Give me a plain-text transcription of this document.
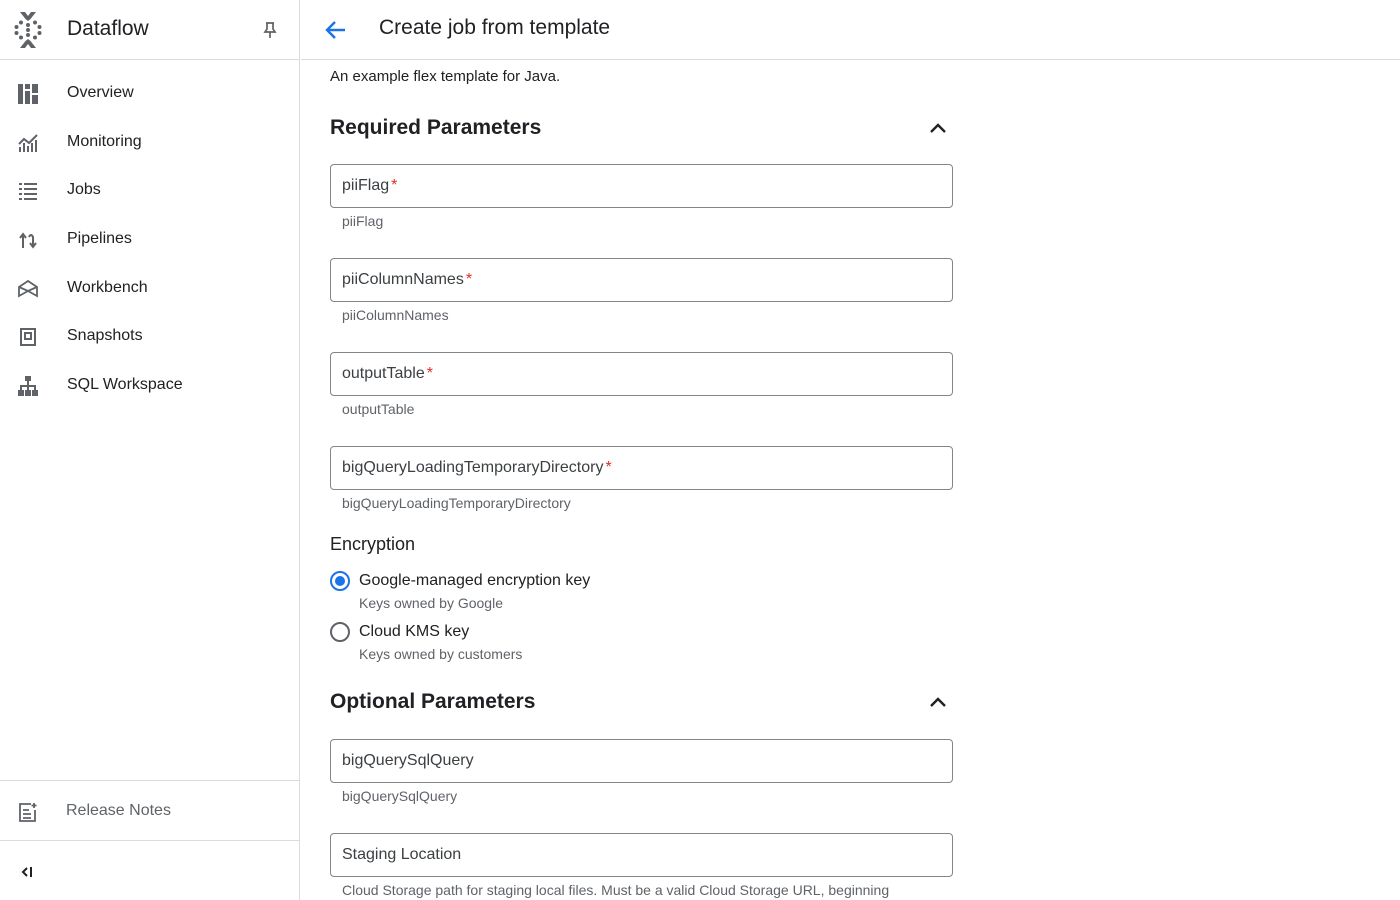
Dataflow
Overview
Monitoring
Jobs
Pipelines
Workbench
Snapshots
SQL Workspace
Release Notes
Create job from template
An example flex template for Java.
Required Parameters
piiFlag *
piiFlag
piiColumnNames *
piiColumnNames
outputTable *
outputTable
bigQueryLoadingTemporaryDirectory *
bigQueryLoadingTemporaryDirectory
Encryption
Google-managed encryption key
Keys owned by Google
Cloud KMS key
Keys owned by customers
Optional Parameters
bigQuerySqlQuery
bigQuerySqlQuery
Staging Location
Cloud Storage path for staging local files. Must be a valid Cloud Storage URL, beginning
